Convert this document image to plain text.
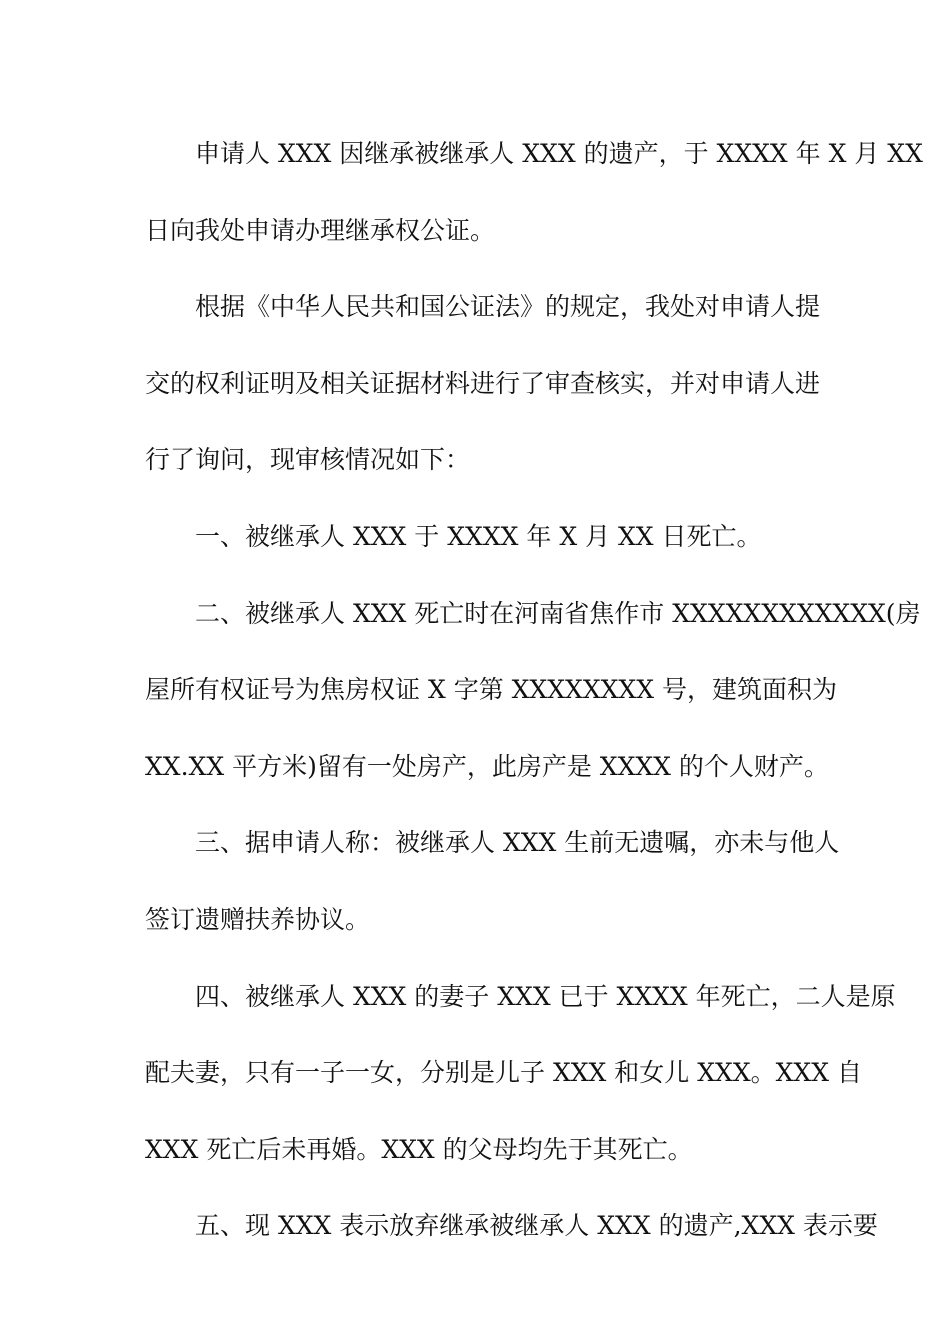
申请人 XXX 因继承被继承人 XXX 的遗产，于 XXXX 年 X 月 XX
日向我处申请办理继承权公证。
根据《中华人民共和国公证法》的规定，我处对申请人提
交的权利证明及相关证据材料进行了审查核实，并对申请人进
行了询问，现审核情况如下：
一、被继承人 XXX 于 XXXX 年 X 月 XX 日死亡。
二、被继承人 XXX 死亡时在河南省焦作市 XXXXXXXXXXXX(房
屋所有权证号为焦房权证 X 字第 XXXXXXXX 号，建筑面积为
XX.XX 平方米)留有一处房产，此房产是 XXXX 的个人财产。
三、据申请人称：被继承人 XXX 生前无遗嘱，亦未与他人
签订遗赠扶养协议。
四、被继承人 XXX 的妻子 XXX 已于 XXXX 年死亡，二人是原
配夫妻，只有一子一女，分别是儿子 XXX 和女儿 XXX。XXX 自
XXX 死亡后未再婚。XXX 的父母均先于其死亡。
五、现 XXX 表示放弃继承被继承人 XXX 的遗产,XXX 表示要
